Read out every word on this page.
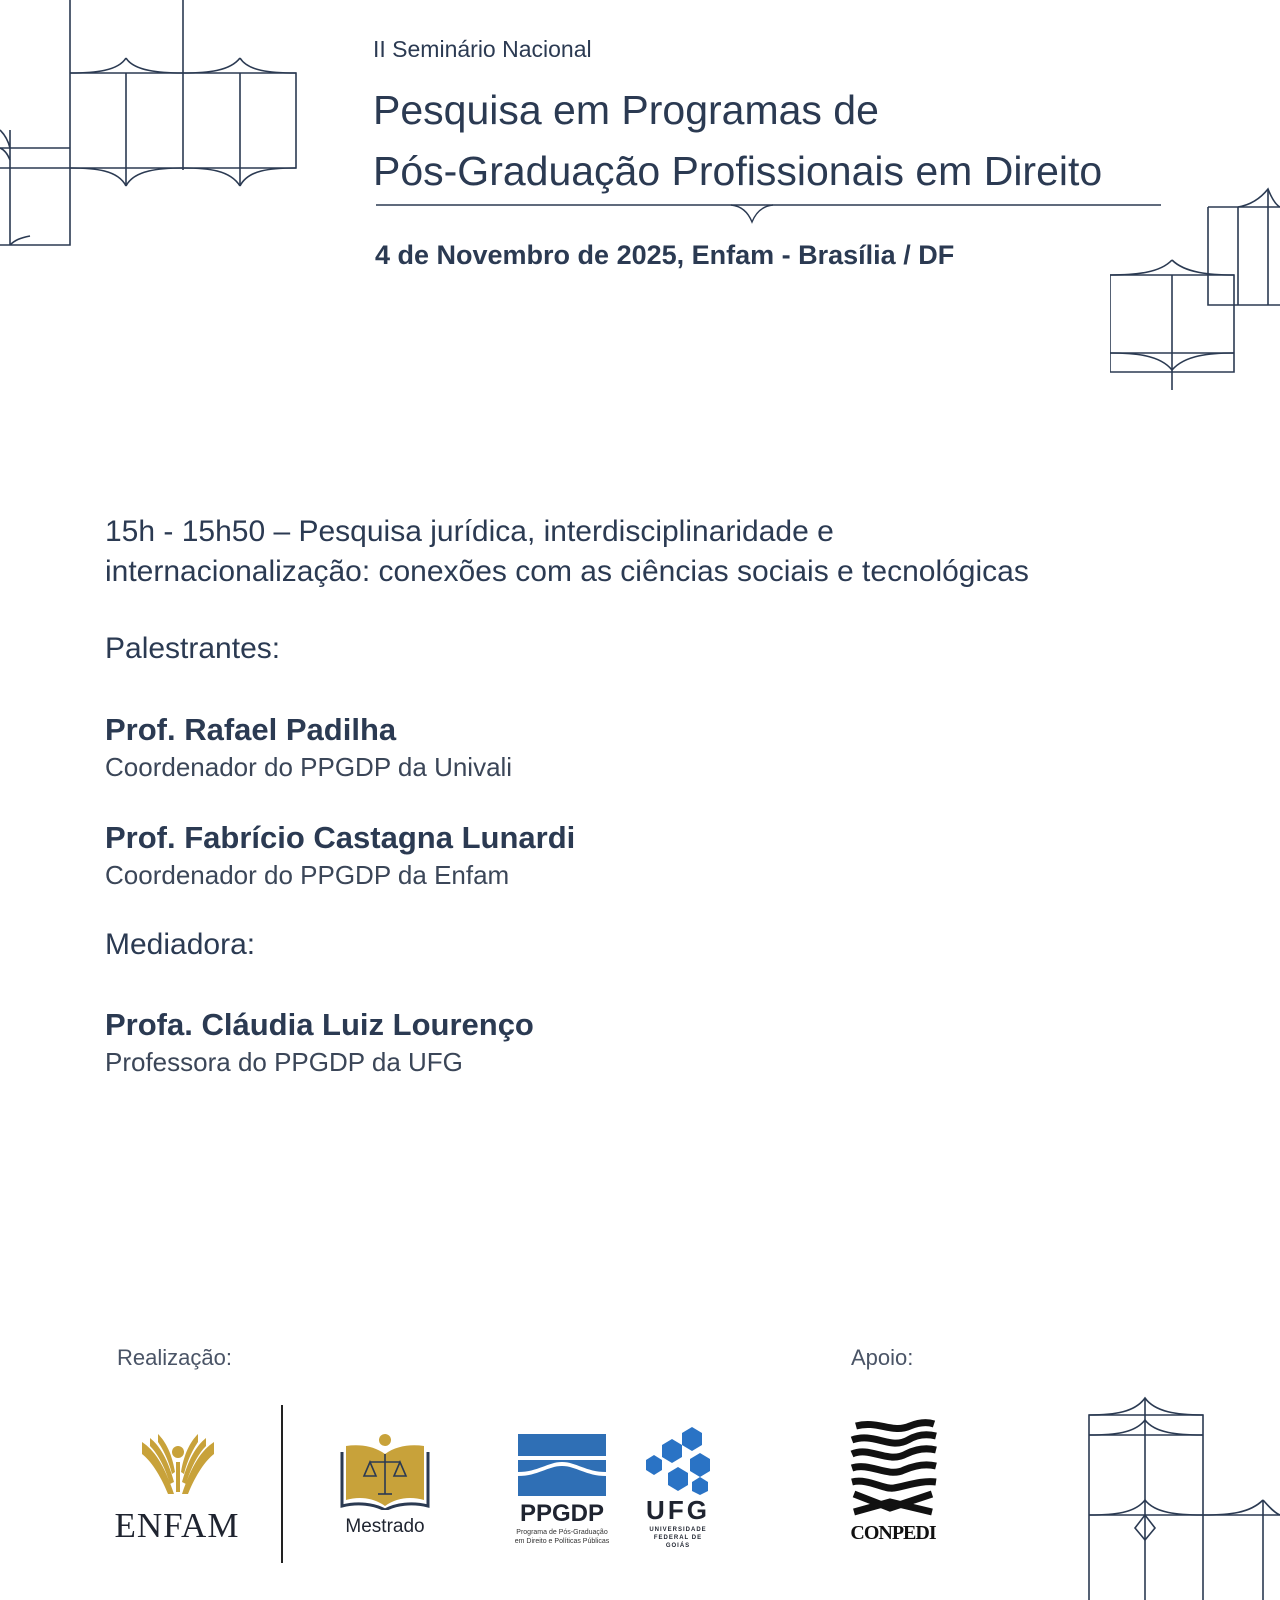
II Seminário Nacional
Pesquisa em Programas de
Pós-Graduação Profissionais em Direito
4 de Novembro de 2025, Enfam - Brasília / DF
15h - 15h50 – Pesquisa jurídica, interdisciplinaridade e
internacionalização: conexões com as ciências sociais e tecnológicas
Palestrantes:
Prof. Rafael Padilha
Coordenador do PPGDP da Univali
Prof. Fabrício Castagna Lunardi
Coordenador do PPGDP da Enfam
Mediadora:
Profa. Cláudia Luiz Lourenço
Professora do PPGDP da UFG
Realização:	Apoio:
ENFAM	Mestrado	PPGDP
Programa de Pós-Graduação
em Direito e Políticas Públicas
UFG
UNIVERSIDADE
FEDERAL DE GOIÁS
CONPEDI
